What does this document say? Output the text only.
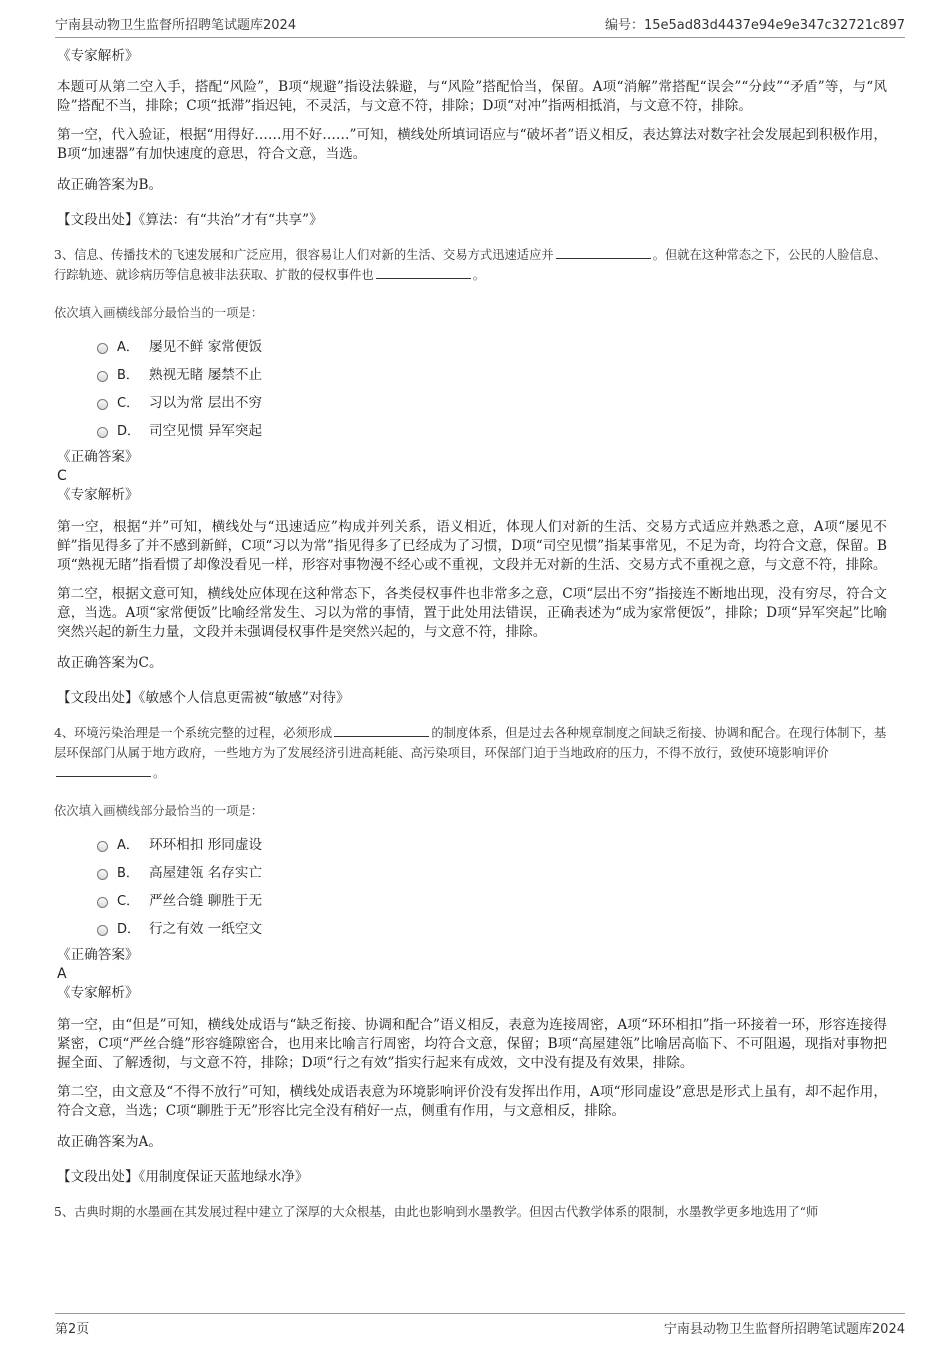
宁南县动物卫生监督所招聘笔试题库2024	编号：15e5ad83d4437e94e9e347c32721c897

《专家解析》

本题可从第二空入手，搭配“风险”，B项“规避”指设法躲避，与“风险”搭配恰当，保留。A项“消解”常搭配“误会”“分歧”“矛盾”等，与“风险”搭配不当，排除；C项“抵滞”指迟钝，不灵活，与文意不符，排除；D项“对冲”指两相抵消，与文意不符，排除。

第一空，代入验证，根据“用得好……用不好……”可知，横线处所填词语应与“破坏者”语义相反，表达算法对数字社会发展起到积极作用，B项“加速器”有加快速度的意思，符合文意，当选。

故正确答案为B。

【文段出处】《算法：有“共治”才有“共享”》

3、信息、传播技术的飞速发展和广泛应用，很容易让人们对新的生活、交易方式迅速适应并	。但就在这种常态之下，公民的人脸信息、行踪轨迹、就诊病历等信息被非法获取、扩散的侵权事件也	。

依次填入画横线部分最恰当的一项是：

A． 屡见不鲜 家常便饭
B． 熟视无睹 屡禁不止
C． 习以为常 层出不穷
D． 司空见惯 异军突起

《正确答案》

C

《专家解析》

第一空，根据“并”可知，横线处与“迅速适应”构成并列关系，语义相近，体现人们对新的生活、交易方式适应并熟悉之意，A项“屡见不鲜”指见得多了并不感到新鲜，C项“习以为常”指见得多了已经成为了习惯，D项“司空见惯”指某事常见，不足为奇，均符合文意，保留。B项“熟视无睹”指看惯了却像没看见一样，形容对事物漫不经心或不重视，文段并无对新的生活、交易方式不重视之意，与文意不符，排除。

第二空，根据文意可知，横线处应体现在这种常态下，各类侵权事件也非常多之意，C项“层出不穷”指接连不断地出现，没有穷尽，符合文意，当选。A项“家常便饭”比喻经常发生、习以为常的事情，置于此处用法错误，正确表述为“成为家常便饭”，排除；D项“异军突起”比喻突然兴起的新生力量，文段并未强调侵权事件是突然兴起的，与文意不符，排除。

故正确答案为C。

【文段出处】《敏感个人信息更需被“敏感”对待》

4、环境污染治理是一个系统完整的过程，必须形成	的制度体系，但是过去各种规章制度之间缺乏衔接、协调和配合。在现行体制下，基层环保部门从属于地方政府，一些地方为了发展经济引进高耗能、高污染项目，环保部门迫于当地政府的压力，不得不放行，致使环境影响评价。

依次填入画横线部分最恰当的一项是：

A． 环环相扣 形同虚设
B． 高屋建瓴 名存实亡
C． 严丝合缝 聊胜于无
D． 行之有效 一纸空文

《正确答案》

A

《专家解析》

第一空，由“但是”可知，横线处成语与“缺乏衔接、协调和配合”语义相反，表意为连接周密，A项“环环相扣”指一环接着一环，形容连接得紧密，C项“严丝合缝”形容缝隙密合，也用来比喻言行周密，均符合文意，保留；B项“高屋建瓴”比喻居高临下、不可阻遏，现指对事物把握全面、了解透彻，与文意不符，排除；D项“行之有效”指实行起来有成效，文中没有提及有效果，排除。

第二空，由文意及“不得不放行”可知，横线处成语表意为环境影响评价没有发挥出作用，A项“形同虚设”意思是形式上虽有，却不起作用，符合文意，当选；C项“聊胜于无”形容比完全没有稍好一点，侧重有作用，与文意相反，排除。

故正确答案为A。

【文段出处】《用制度保证天蓝地绿水净》

5、古典时期的水墨画在其发展过程中建立了深厚的大众根基，由此也影响到水墨教学。但因古代教学体系的限制，水墨教学更多地选用了“师
第2页	宁南县动物卫生监督所招聘笔试题库2024
